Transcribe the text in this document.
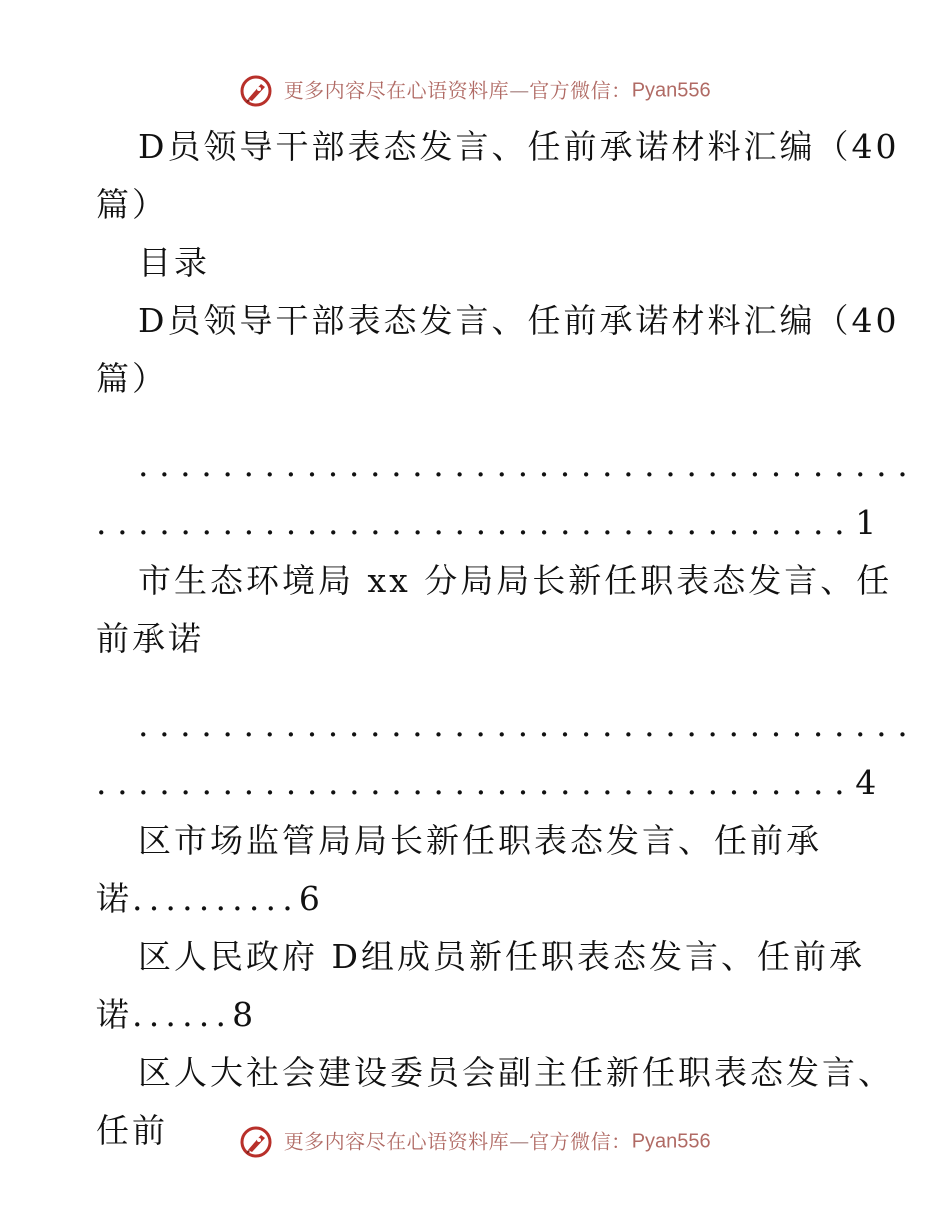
更多内容尽在心语资料库—官方微信：Pyan556

D员领导干部表态发言、任前承诺材料汇编（40

篇）

目录

D员领导干部表态发言、任前承诺材料汇编（40

篇）

.....................................

....................................1

市生态环境局 xx 分局局长新任职表态发言、任

前承诺

.....................................

....................................4

区市场监管局局长新任职表态发言、任前承

诺..........6

区人民政府 D组成员新任职表态发言、任前承

诺......8

区人大社会建设委员会副主任新任职表态发言、

任前	更多内容尽在心语资料库—官方微信：Pyan556
